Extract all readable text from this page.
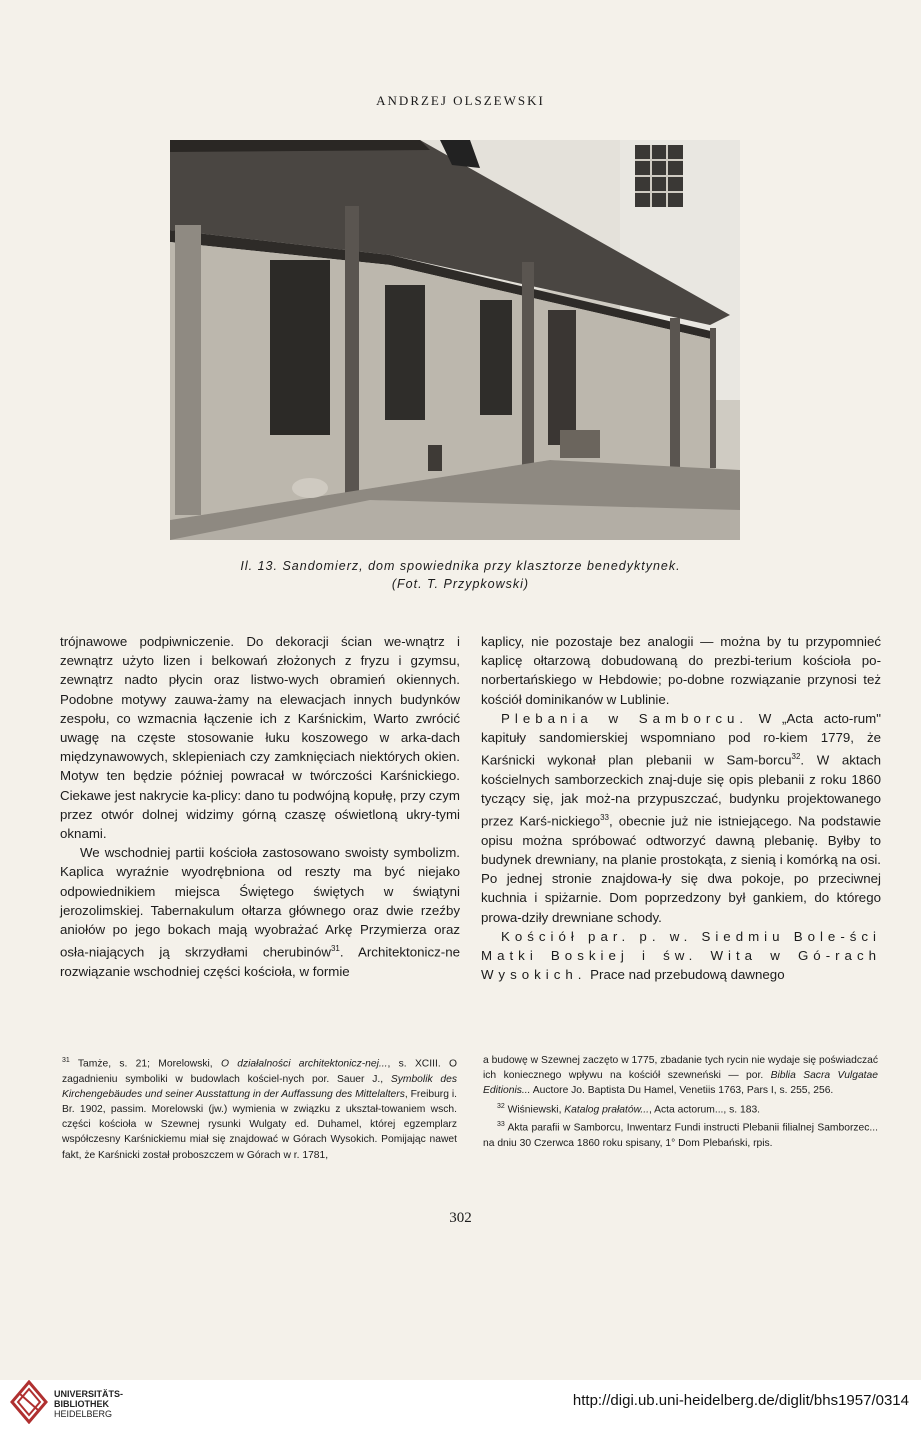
ANDRZEJ OLSZEWSKI
Il. 13. Sandomierz, dom spowiednika przy klasztorze benedyktynek.
(Fot. T. Przypkowski)

trójnawowe podpiwniczenie. Do dekoracji ścian we-wnątrz i zewnątrz użyto lizen i belkowań złożonych z fryzu i gzymsu, zewnątrz nadto płycin oraz listwo-wych obramień okiennych. Podobne motywy zauwa-żamy na elewacjach innych budynków zespołu, co wzmacnia łączenie ich z Karśnickim, Warto zwrócić uwagę na częste stosowanie łuku koszowego w arka-dach międzynawowych, sklepieniach czy zamknięciach niektórych okien. Motyw ten będzie później powracał w twórczości Karśnickiego. Ciekawe jest nakrycie ka-plicy: dano tu podwójną kopułę, przy czym przez otwór dolnej widzimy górną czaszę oświetloną ukry-tymi oknami.

We wschodniej partii kościoła zastosowano swoisty symbolizm. Kaplica wyraźnie wyodrębniona od reszty ma być niejako odpowiednikiem miejsca Świętego świętych w świątyni jerozolimskiej. Tabernakulum ołtarza głównego oraz dwie rzeźby aniołów po jego bokach mają wyobrażać Arkę Przymierza oraz osła-niających ją skrzydłami cherubinów$^{31}$. Architektonicz-ne rozwiązanie wschodniej części kościoła, w formie

kaplicy, nie pozostaje bez analogii — można by tu przypomnieć kaplicę ołtarzową dobudowaną do prezbi-terium kościoła po-norbertańskiego w Hebdowie; po-dobne rozwiązanie przynosi też kościół dominikanów w Lublinie.

Plebania w Samborcu. W „Acta acto-rum" kapituły sandomierskiej wspomniano pod ro-kiem 1779, że Karśnicki wykonał plan plebanii w Sam-borcu$^{32}$. W aktach kościelnych samborzeckich znaj-duje się opis plebanii z roku 1860 tyczący się, jak moż-na przypuszczać, budynku projektowanego przez Karś-nickiego$^{33}$, obecnie już nie istniejącego. Na podstawie opisu można spróbować odtworzyć dawną plebanię. Byłby to budynek drewniany, na planie prostokąta, z sienią i komórką na osi. Po jednej stronie znajdowa-ły się dwa pokoje, po przeciwnej kuchnia i spiżarnie. Dom poprzedzony był gankiem, do którego prowa-dziły drewniane schody.

Kościół par. p. w. Siedmiu Bole-ści Matki Boskiej i św. Wita w Gó-rach Wysokich. Prace nad przebudową dawnego

$^{31}$ Tamże, s. 21; Morelowski, O działalności architektonicz-nej..., s. XCIII. O zagadnieniu symboliki w budowlach kościel-nych por. Sauer J., Symbolik des Kirchengebäudes und seiner Ausstattung in der Auffassung des Mittelalters, Freiburg i. Br. 1902, passim. Morelowski (jw.) wymienia w związku z ukształ-towaniem wsch. części kościoła w Szewnej rysunki Wulgaty ed. Duhamel, której egzemplarz współczesny Karśnickiemu miał się znajdować w Górach Wysokich. Pomijając nawet fakt, że Karśnicki został proboszczem w Górach w r. 1781,

a budowę w Szewnej zaczęto w 1775, zbadanie tych rycin nie wydaje się poświadczać ich koniecznego wpływu na kościół szewneński — por. Biblia Sacra Vulgatae Editionis... Auctore Jo. Baptista Du Hamel, Venetiis 1763, Pars I, s. 255, 256.

$^{32}$ Wiśniewski, Katalog prałatów..., Acta actorum..., s. 183.

$^{33}$ Akta parafii w Samborcu, Inwentarz Fundi instructi Plebanii filialnej Samborzec... na dniu 30 Czerwca 1860 roku spisany, 1° Dom Plebański, rpis.

302
UNIVERSITÄTS-
BIBLIOTHEK
HEIDELBERG
http://digi.ub.uni-heidelberg.de/diglit/bhs1957/0314
